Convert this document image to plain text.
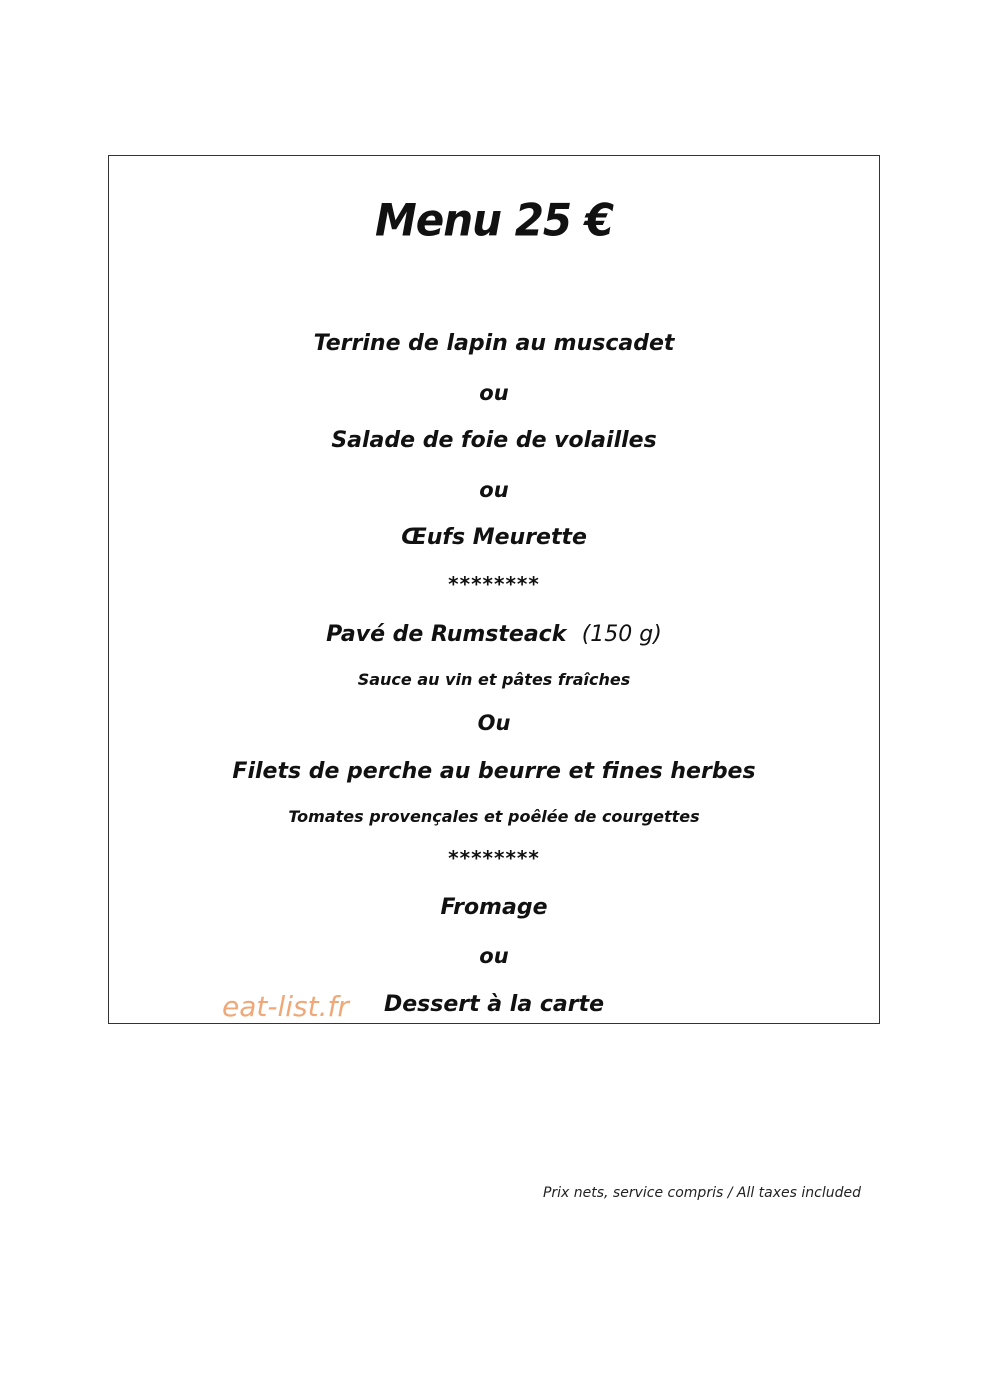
Menu 25 €
Terrine de lapin au muscadet
ou
Salade de foie de volailles
ou
Œufs Meurette
********
Pavé de Rumsteack (150 g)
Sauce au vin et pâtes fraîches
Ou
Filets de perche au beurre et fines herbes
Tomates provençales et poêlée de courgettes
********
Fromage
ou
Dessert à la carte
eat-list.fr
Prix nets, service compris / All taxes included
